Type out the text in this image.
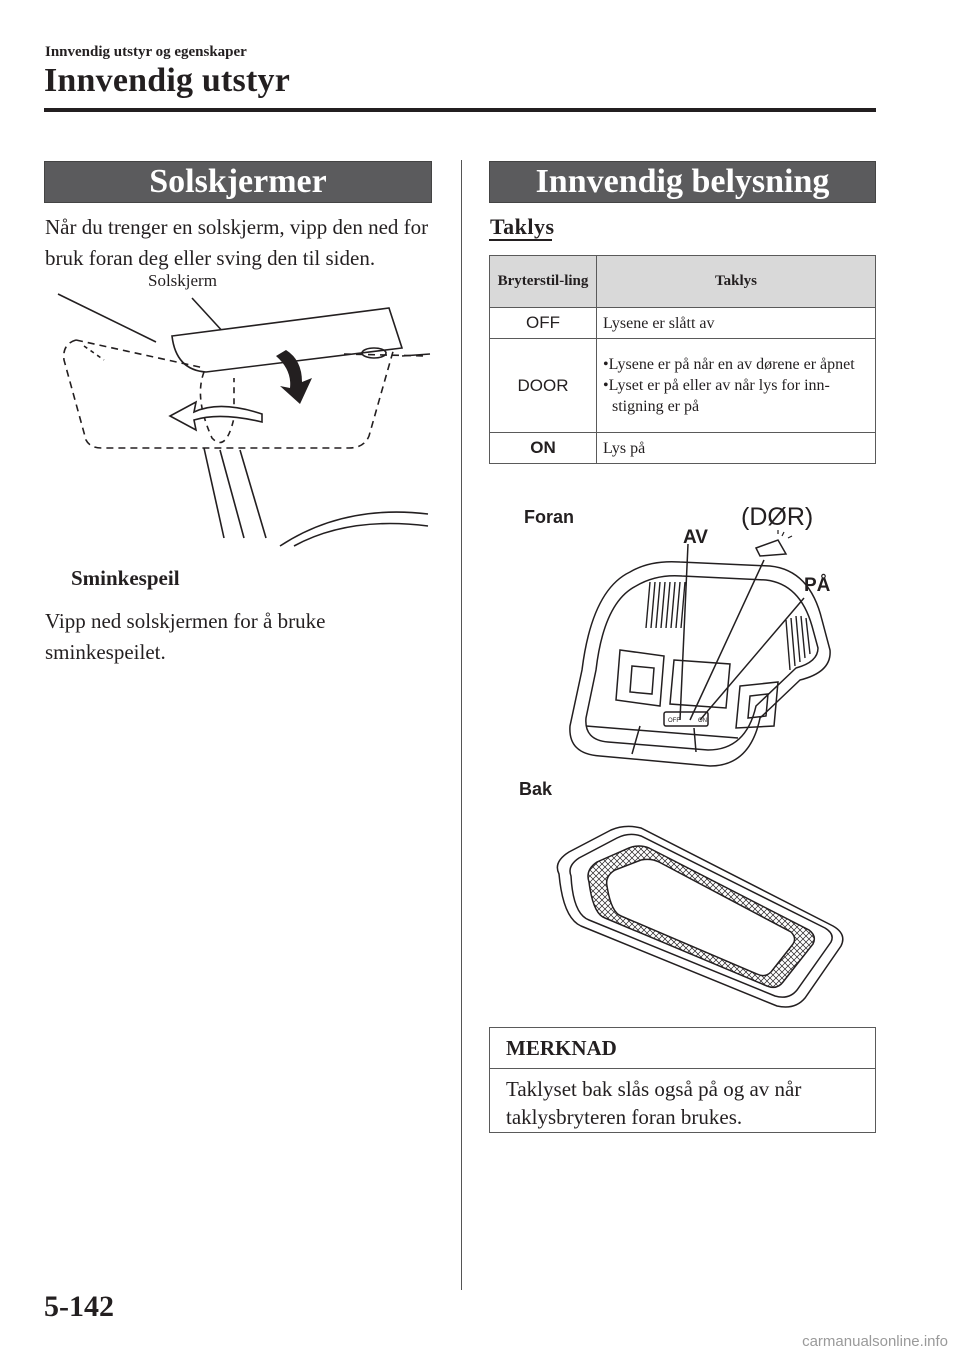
Innvendig utstyr og egenskaper
Innvendig utstyr
Solskjermer
Når du trenger en solskjerm, vipp den ned for bruk foran deg eller sving den til siden.
Solskjerm
Sminkespeil
Vipp ned solskjermen for å bruke sminkespeilet.
Innvendig belysning
Taklys
Bryterstil-ling	Taklys
OFF	Lysene er slått av
DOOR	•Lysene er på når en av dørene er åpnet
•Lyset er på eller av når lys for inn-stigning er på

ON	Lys på
Foran
AV
(DØR)
PÅ
OFF	ON
Bak
MERKNAD
Taklyset bak slås også på og av når taklysbryteren foran brukes.
5-142
carmanualsonline.info
